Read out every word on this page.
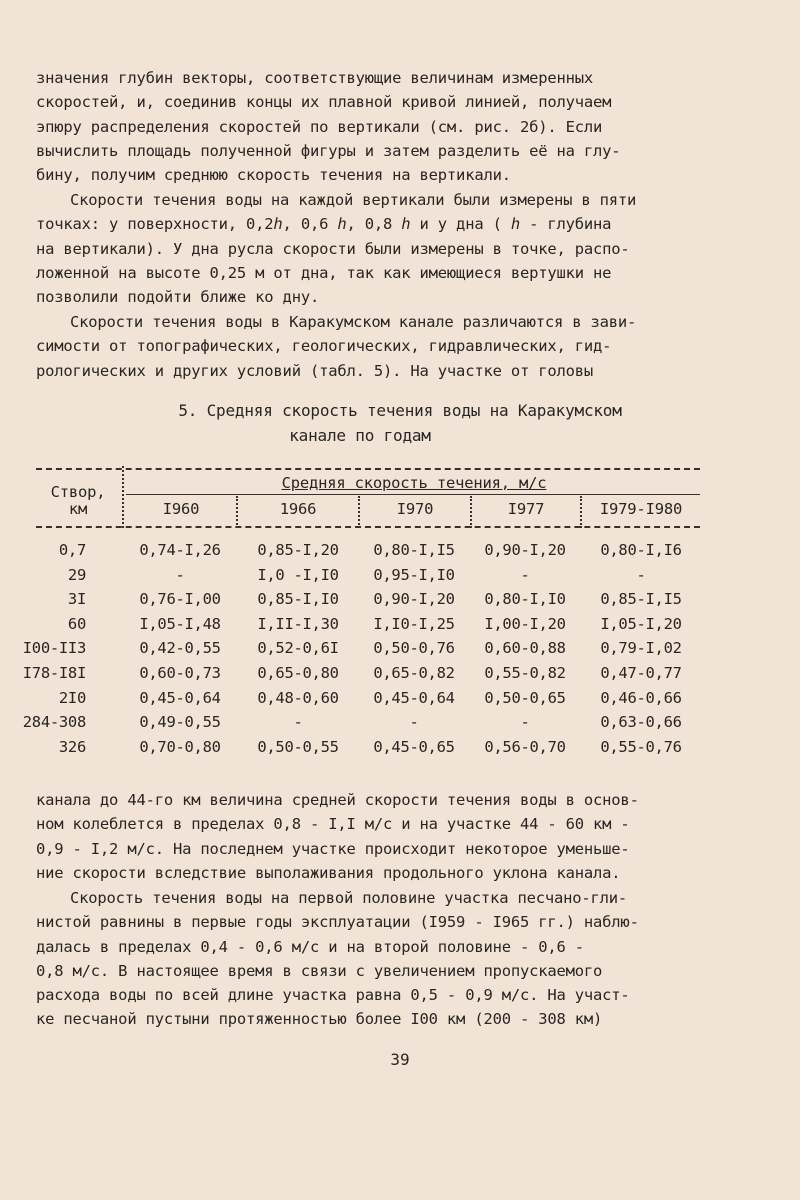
значения глубин векторы, соответствующие величинам измеренных
скоростей, и, соединив концы их плавной кривой линией, получаем
эпюру распределения скоростей по вертикали (см. рис. 2б). Если
вычислить площадь полученной фигуры и затем разделить её на глу-
бину, получим среднюю скорость течения на вертикали.
Скорости течения воды на каждой вертикали были измерены в пяти
точках: у поверхности, 0,2ℎ, 0,6 ℎ, 0,8 ℎ и у дна ( ℎ - глубина
на вертикали). У дна русла скорости были измерены в точке, распо-
ложенной на высоте 0,25 м от дна, так как имеющиеся вертушки не
позволили подойти ближе ко дну.
Скорости течения воды в Каракумском канале различаются в зави-
симости от топографических, геологических, гидравлических, гид-
рологических и других условий (табл. 5). На участке от головы

5. Средняя скорость течения воды на Каракумском

канале по годам

Створ, км
Средняя скорость течения, м/с
I960	1966	I970	I977	I979-I980
0,7	0,74-I,26	0,85-I,20	0,80-I,I5	0,90-I,20	0,80-I,I6
29	-	I,0 -I,I0	0,95-I,I0	-	-
3I	0,76-I,00	0,85-I,I0	0,90-I,20	0,80-I,I0	0,85-I,I5
60	I,05-I,48	I,II-I,30	I,I0-I,25	I,00-I,20	I,05-I,20
I00-II3	0,42-0,55	0,52-0,6I	0,50-0,76	0,60-0,88	0,79-I,02
I78-I8I	0,60-0,73	0,65-0,80	0,65-0,82	0,55-0,82	0,47-0,77
2I0	0,45-0,64	0,48-0,60	0,45-0,64	0,50-0,65	0,46-0,66
284-308	0,49-0,55	-	-	-	0,63-0,66
326	0,70-0,80	0,50-0,55	0,45-0,65	0,56-0,70	0,55-0,76
канала до 44-го км величина средней скорости течения воды в основ-
ном колеблется в пределах 0,8 - I,I м/с и на участке 44 - 60 км -
0,9 - I,2 м/с. На последнем участке происходит некоторое уменьше-
ние скорости вследствие выполаживания продольного уклона канала.
Скорость течения воды на первой половине участка песчано-гли-
нистой равнины в первые годы эксплуатации (I959 - I965 гг.) наблю-
далась в пределах 0,4 - 0,6 м/с и на второй половине - 0,6 -
0,8 м/с. В настоящее время в связи с увеличением пропускаемого
расхода воды по всей длине участка равна 0,5 - 0,9 м/с. На участ-
ке песчаной пустыни протяженностью более I00 км (200 - 308 км)

39
